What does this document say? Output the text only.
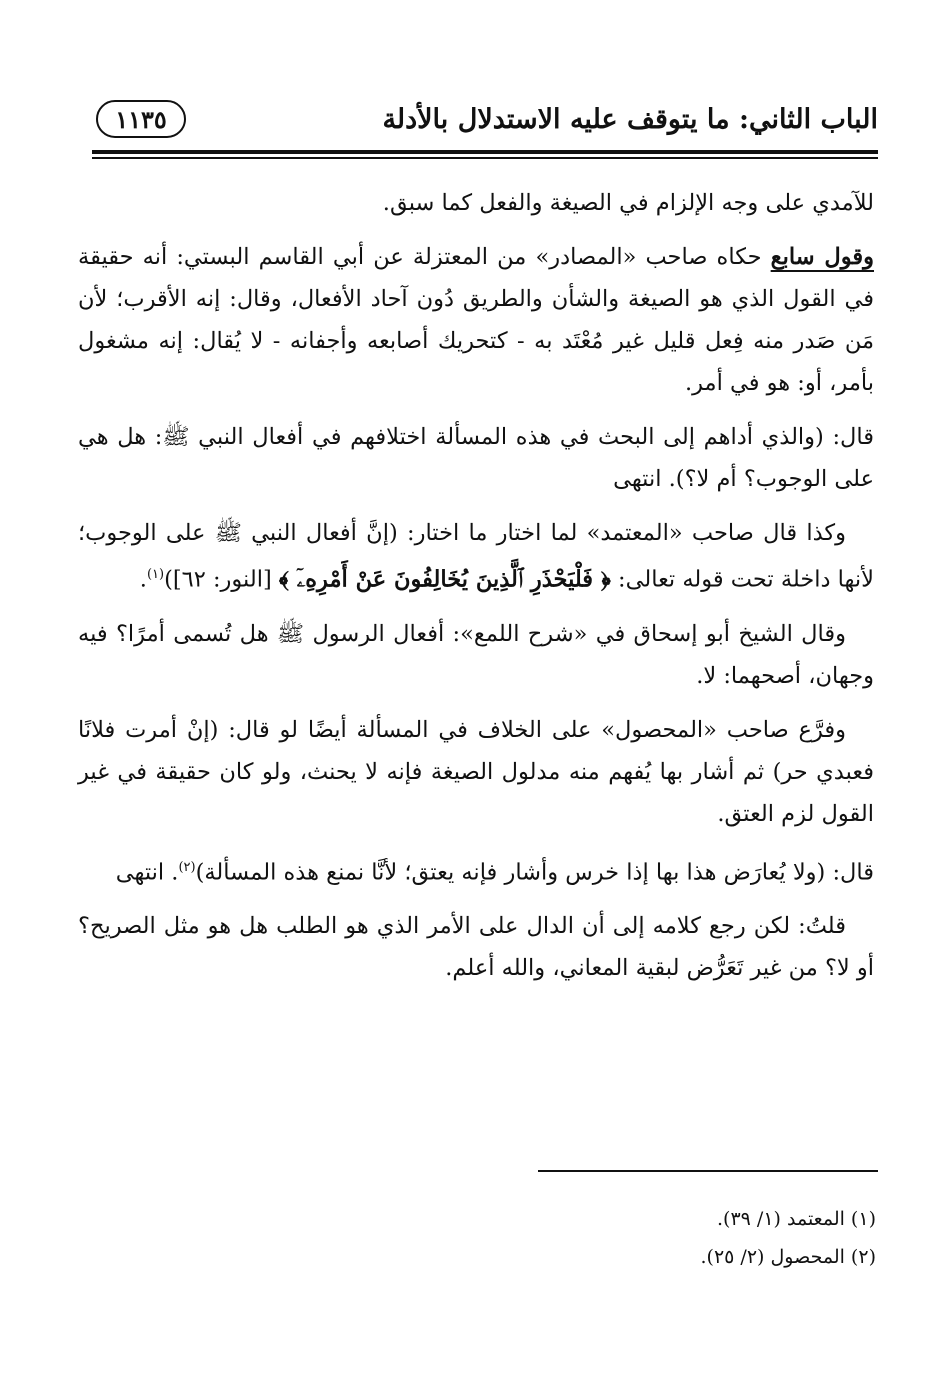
الباب الثاني: ما يتوقف عليه الاستدلال بالأدلة
١١٣٥

للآمدي على وجه الإلزام في الصيغة والفعل كما سبق.

وقول سابع حكاه صاحب «المصادر» من المعتزلة عن أبي القاسم البستي: أنه حقيقة في القول الذي هو الصيغة والشأن والطريق دُون آحاد الأفعال، وقال: إنه الأقرب؛ لأن مَن صَدر منه فِعل قليل غير مُعْتَد به - كتحريك أصابعه وأجفانه - لا يُقال: إنه مشغول بأمر، أو: هو في أمر.

قال: (والذي أداهم إلى البحث في هذه المسألة اختلافهم في أفعال النبي ﷺ: هل هي على الوجوب؟ أم لا؟). انتهى

وكذا قال صاحب «المعتمد» لما اختار ما اختار: (إنَّ أفعال النبي ﷺ على الوجوب؛ لأنها داخلة تحت قوله تعالى: ﴿ فَلْيَحْذَرِ ٱلَّذِينَ يُخَالِفُونَ عَنْ أَمْرِهِۦٓ ﴾ [النور: ٦٢])$^{(١)}$.

وقال الشيخ أبو إسحاق في «شرح اللمع»: أفعال الرسول ﷺ هل تُسمى أمرًا؟ فيه وجهان، أصحهما: لا.

وفرَّع صاحب «المحصول» على الخلاف في المسألة أيضًا لو قال: (إنْ أمرت فلانًا فعبدي حر) ثم أشار بها يُفهم منه مدلول الصيغة فإنه لا يحنث، ولو كان حقيقة في غير القول لزم العتق.

قال: (ولا يُعارَض هذا بها إذا خرس وأشار فإنه يعتق؛ لأنَّا نمنع هذه المسألة)$^{(٢)}$. انتهى

قلتُ: لكن رجع كلامه إلى أن الدال على الأمر الذي هو الطلب هل هو مثل الصريح؟ أو لا؟ من غير تَعَرُّض لبقية المعاني، والله أعلم.

(١) المعتمد (١/ ٣٩).

(٢) المحصول (٢/ ٢٥).
